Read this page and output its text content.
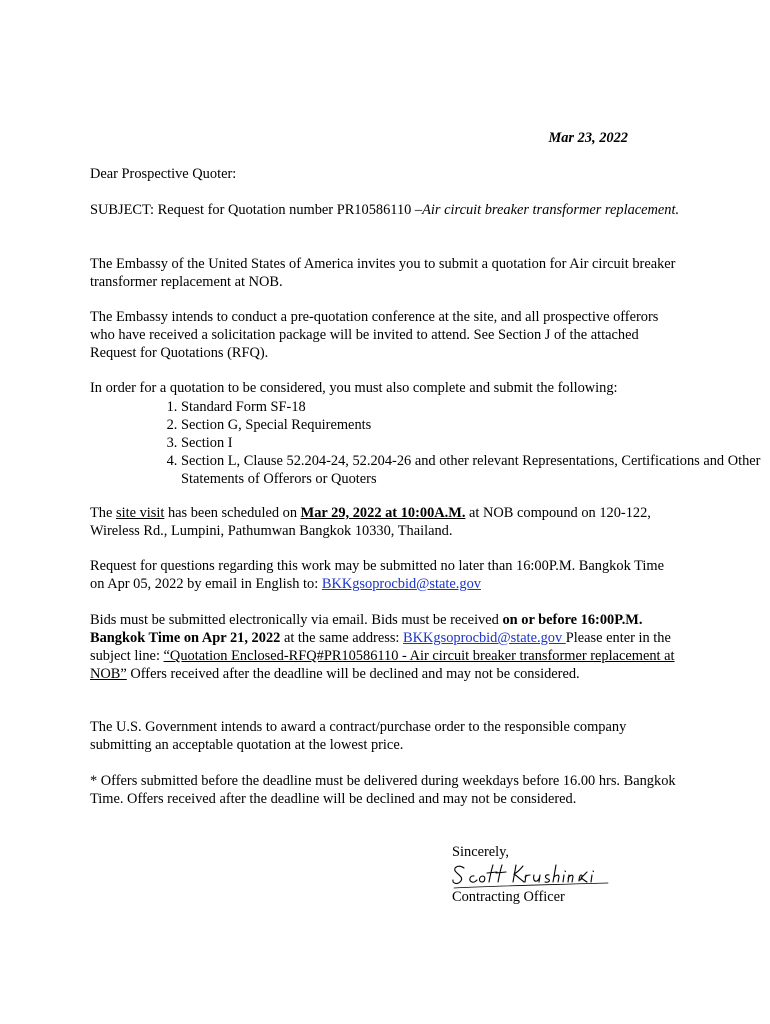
Mar 23, 2022

Dear Prospective Quoter:

SUBJECT: Request for Quotation number PR10586110 –Air circuit breaker transformer replacement.

The Embassy of the United States of America invites you to submit a quotation for Air circuit breaker transformer replacement at NOB.

The Embassy intends to conduct a pre-quotation conference at the site, and all prospective offerors who have received a solicitation package will be invited to attend. See Section J of the attached Request for Quotations (RFQ).

In order for a quotation to be considered, you must also complete and submit the following:

1. Standard Form SF-18
2. Section G, Special Requirements
3. Section I
4. Section L, Clause 52.204-24, 52.204-26 and other relevant Representations, Certifications and Other Statements of Offerors or Quoters

The site visit has been scheduled on Mar 29, 2022 at 10:00A.M. at NOB compound on 120-122, Wireless Rd., Lumpini, Pathumwan Bangkok 10330, Thailand.

Request for questions regarding this work may be submitted no later than 16:00P.M. Bangkok Time on Apr 05, 2022 by email in English to: BKKgsoprocbid@state.gov

Bids must be submitted electronically via email. Bids must be received on or before 16:00P.M. Bangkok Time on Apr 21, 2022 at the same address: BKKgsoprocbid@state.gov Please enter in the subject line: “Quotation Enclosed-RFQ#PR10586110 - Air circuit breaker transformer replacement at NOB” Offers received after the deadline will be declined and may not be considered.

The U.S. Government intends to award a contract/purchase order to the responsible company submitting an acceptable quotation at the lowest price.

* Offers submitted before the deadline must be delivered during weekdays before 16.00 hrs. Bangkok Time. Offers received after the deadline will be declined and may not be considered.

Sincerely,

Contracting Officer
